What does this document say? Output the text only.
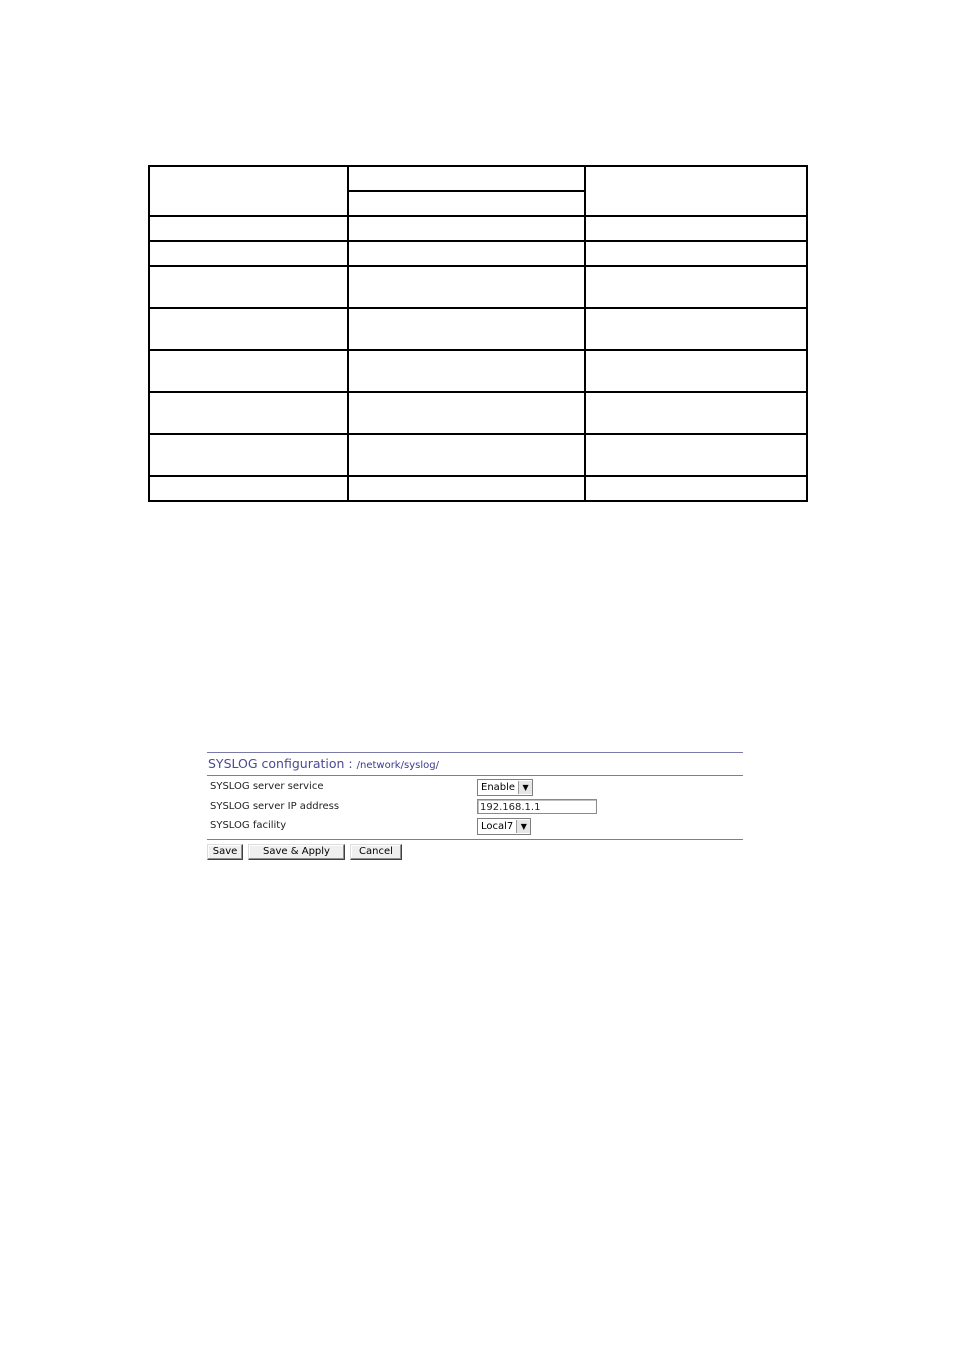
SYSLOG configuration : /network/syslog/
SYSLOG server service	Enable ▼
SYSLOG server IP address	192.168.1.1
SYSLOG facility	Local7 ▼
Save	Save & Apply	Cancel
